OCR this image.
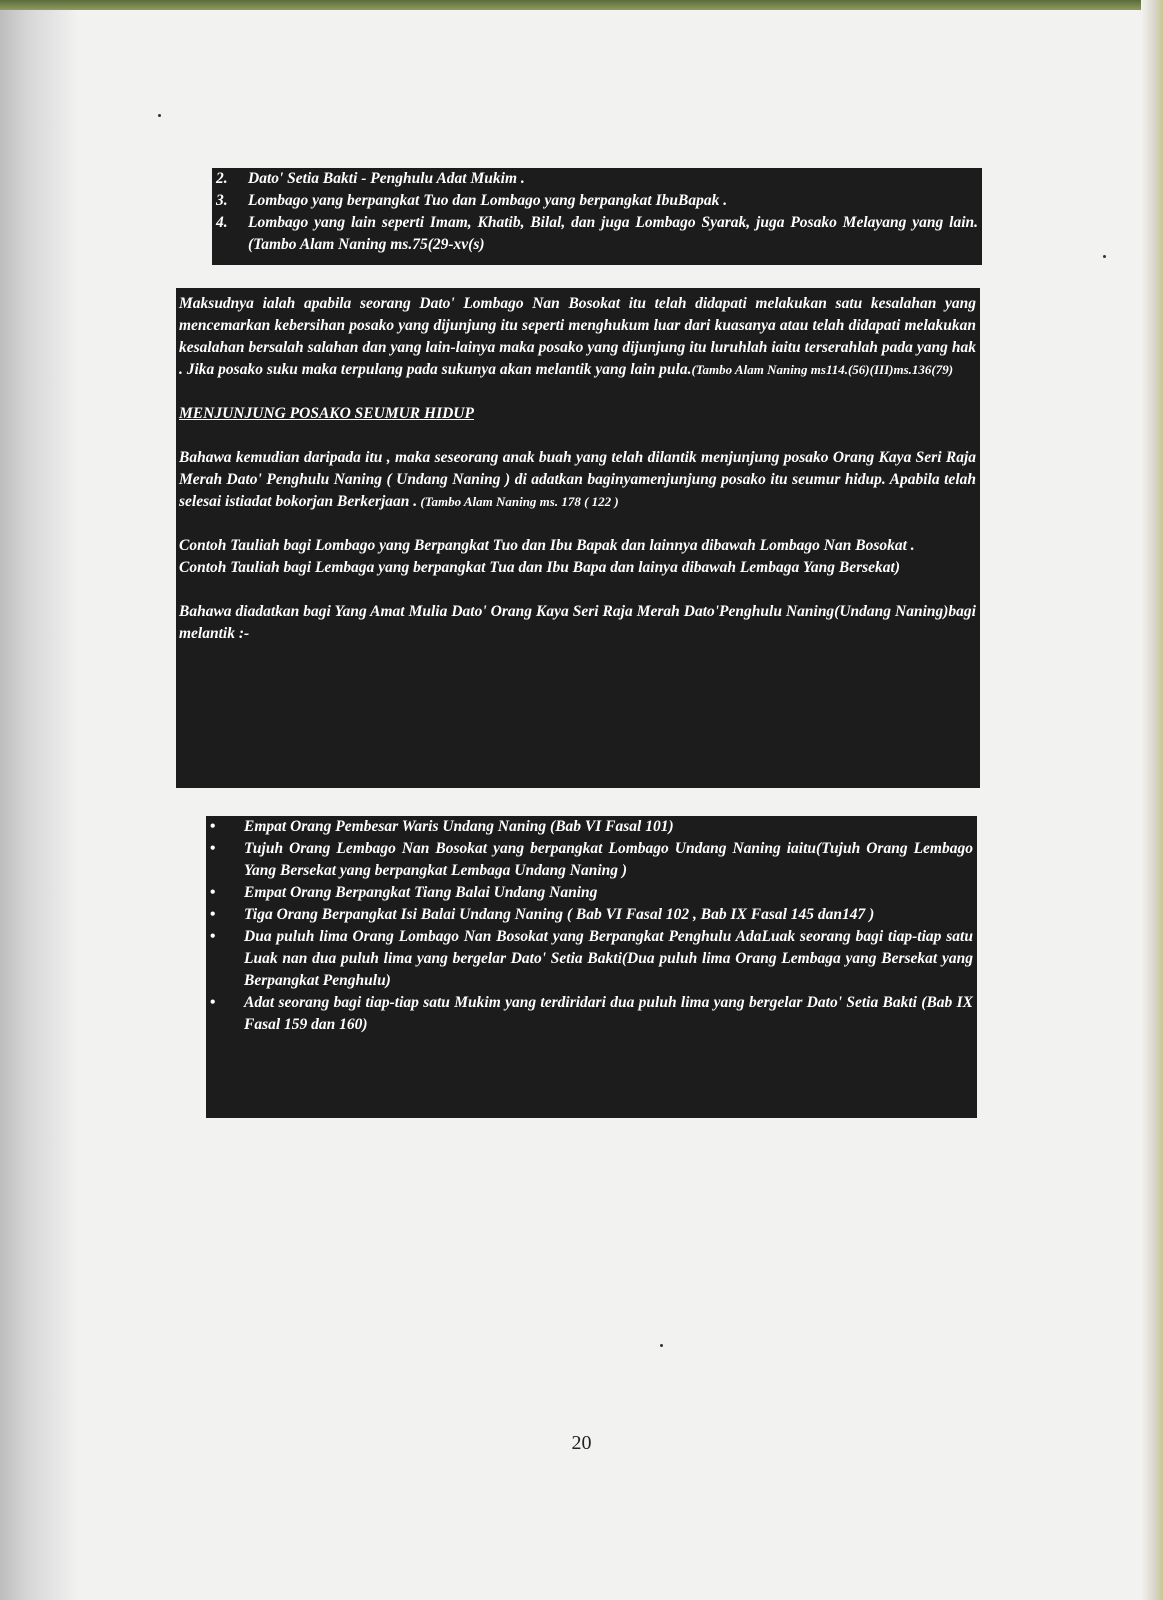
2.	Dato' Setia Bakti - Penghulu Adat Mukim .
3.	Lombago yang berpangkat Tuo dan Lombago yang berpangkat IbuBapak .
4.	Lombago yang lain seperti Imam, Khatib, Bilal, dan juga Lombago Syarak, juga Posako Melayang yang lain.(Tambo Alam Naning ms.75(29-xv(s)

Maksudnya ialah apabila seorang Dato' Lombago Nan Bosokat itu telah didapati melakukan satu kesalahan yang mencemarkan kebersihan posako yang dijunjung itu seperti menghukum luar dari kuasanya atau telah didapati melakukan kesalahan bersalah salahan dan yang lain-lainya maka posako yang dijunjung itu luruhlah iaitu terserahlah pada yang hak . Jika posako suku maka terpulang pada sukunya akan melantik yang lain pula.(Tambo Alam Naning ms114.(56)(III)ms.136(79)

MENJUNJUNG POSAKO SEUMUR HIDUP

Bahawa kemudian daripada itu , maka seseorang anak buah yang telah dilantik menjunjung posako Orang Kaya Seri Raja Merah Dato' Penghulu Naning ( Undang Naning ) di adatkan baginyamenjunjung posako itu seumur hidup. Apabila telah selesai istiadat bokorjan Berkerjaan . (Tambo Alam Naning ms. 178 ( 122 )

Contoh Tauliah bagi Lombago yang Berpangkat Tuo dan Ibu Bapak dan lainnya dibawah Lombago Nan Bosokat .

Contoh Tauliah bagi Lembaga yang berpangkat Tua dan Ibu Bapa dan lainya dibawah Lembaga Yang Bersekat)

Bahawa diadatkan bagi Yang Amat Mulia Dato' Orang Kaya Seri Raja Merah Dato'Penghulu Naning(Undang Naning)bagi melantik :-

•	Empat Orang Pembesar Waris Undang Naning (Bab VI Fasal 101)
•	Tujuh Orang Lembago Nan Bosokat yang berpangkat Lombago Undang Naning iaitu(Tujuh Orang Lembago Yang Bersekat yang berpangkat Lembaga Undang Naning )
•	Empat Orang Berpangkat Tiang Balai Undang Naning
•	Tiga Orang Berpangkat Isi Balai Undang Naning ( Bab VI Fasal 102 , Bab IX Fasal 145 dan147 )
•	Dua puluh lima Orang Lombago Nan Bosokat yang Berpangkat Penghulu AdaLuak seorang bagi tiap-tiap satu Luak nan dua puluh lima yang bergelar Dato' Setia Bakti(Dua puluh lima Orang Lembaga yang Bersekat yang Berpangkat Penghulu)
•	Adat seorang bagi tiap-tiap satu Mukim yang terdiridari dua puluh lima yang bergelar Dato' Setia Bakti (Bab IX Fasal 159 dan 160)
20
